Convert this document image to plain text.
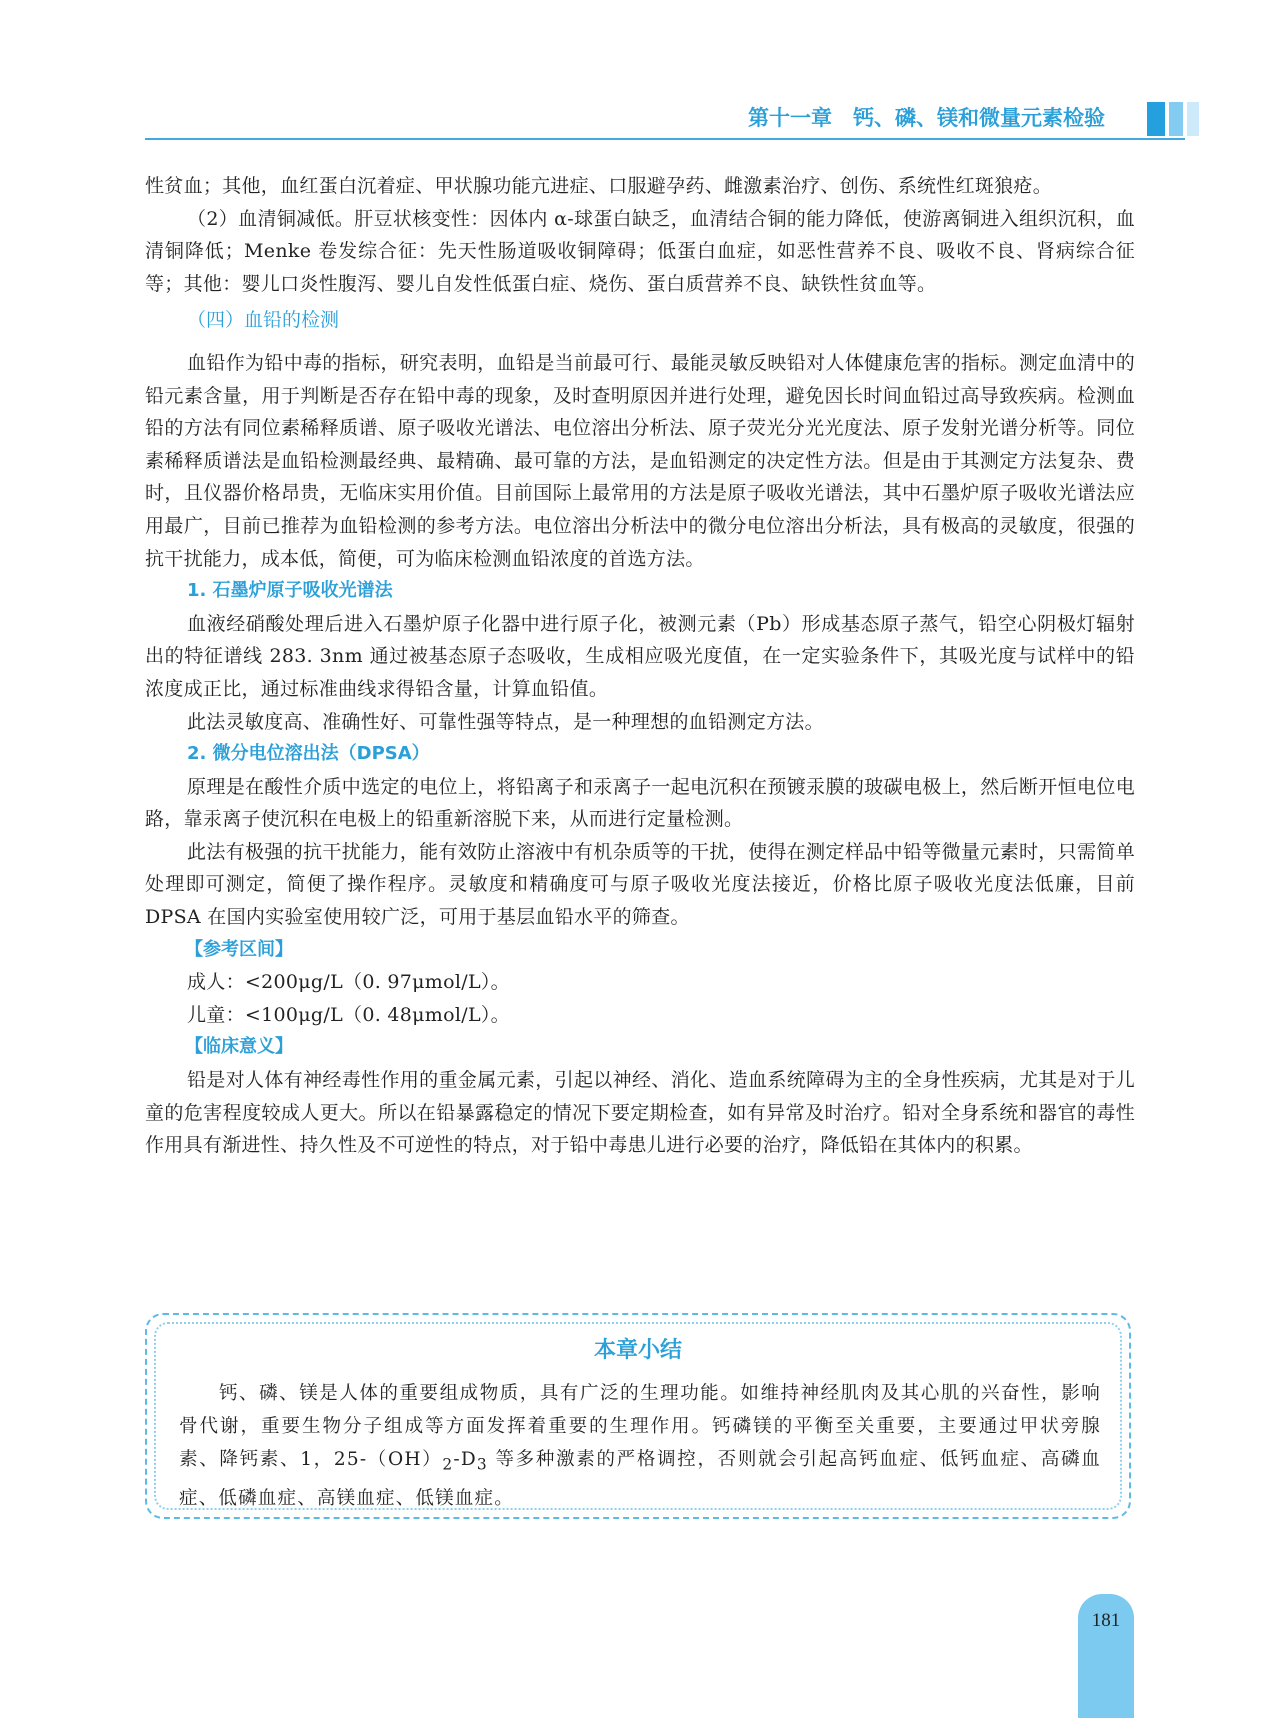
第十一章　钙、磷、镁和微量元素检验

性贫血；其他，血红蛋白沉着症、甲状腺功能亢进症、口服避孕药、雌激素治疗、创伤、系统性红斑狼疮。

（2）血清铜减低。肝豆状核变性：因体内 α-球蛋白缺乏，血清结合铜的能力降低，使游离铜进入组织沉积，血清铜降低；Menke 卷发综合征：先天性肠道吸收铜障碍；低蛋白血症，如恶性营养不良、吸收不良、肾病综合征等；其他：婴儿口炎性腹泻、婴儿自发性低蛋白症、烧伤、蛋白质营养不良、缺铁性贫血等。

（四）血铅的检测

血铅作为铅中毒的指标，研究表明，血铅是当前最可行、最能灵敏反映铅对人体健康危害的指标。测定血清中的铅元素含量，用于判断是否存在铅中毒的现象，及时查明原因并进行处理，避免因长时间血铅过高导致疾病。检测血铅的方法有同位素稀释质谱、原子吸收光谱法、电位溶出分析法、原子荧光分光光度法、原子发射光谱分析等。同位素稀释质谱法是血铅检测最经典、最精确、最可靠的方法，是血铅测定的决定性方法。但是由于其测定方法复杂、费时，且仪器价格昂贵，无临床实用价值。目前国际上最常用的方法是原子吸收光谱法，其中石墨炉原子吸收光谱法应用最广，目前已推荐为血铅检测的参考方法。电位溶出分析法中的微分电位溶出分析法，具有极高的灵敏度，很强的抗干扰能力，成本低，简便，可为临床检测血铅浓度的首选方法。

1. 石墨炉原子吸收光谱法

血液经硝酸处理后进入石墨炉原子化器中进行原子化，被测元素（Pb）形成基态原子蒸气，铅空心阴极灯辐射出的特征谱线 283. 3nm 通过被基态原子态吸收，生成相应吸光度值，在一定实验条件下，其吸光度与试样中的铅浓度成正比，通过标准曲线求得铅含量，计算血铅值。

此法灵敏度高、准确性好、可靠性强等特点，是一种理想的血铅测定方法。

2. 微分电位溶出法（DPSA）

原理是在酸性介质中选定的电位上，将铅离子和汞离子一起电沉积在预镀汞膜的玻碳电极上，然后断开恒电位电路，靠汞离子使沉积在电极上的铅重新溶脱下来，从而进行定量检测。

此法有极强的抗干扰能力，能有效防止溶液中有机杂质等的干扰，使得在测定样品中铅等微量元素时，只需简单处理即可测定，简便了操作程序。灵敏度和精确度可与原子吸收光度法接近，价格比原子吸收光度法低廉，目前 DPSA 在国内实验室使用较广泛，可用于基层血铅水平的筛查。

【参考区间】

成人：<200μg/L（0. 97μmol/L）。

儿童：<100μg/L（0. 48μmol/L）。

【临床意义】

铅是对人体有神经毒性作用的重金属元素，引起以神经、消化、造血系统障碍为主的全身性疾病，尤其是对于儿童的危害程度较成人更大。所以在铅暴露稳定的情况下要定期检查，如有异常及时治疗。铅对全身系统和器官的毒性作用具有渐进性、持久性及不可逆性的特点，对于铅中毒患儿进行必要的治疗，降低铅在其体内的积累。

本章小结

钙、磷、镁是人体的重要组成物质，具有广泛的生理功能。如维持神经肌肉及其心肌的兴奋性，影响骨代谢，重要生物分子组成等方面发挥着重要的生理作用。钙磷镁的平衡至关重要，主要通过甲状旁腺素、降钙素、1，$25-(OH)_2-D_3$ 等多种激素的严格调控，否则就会引起高钙血症、低钙血症、高磷血症、低磷血症、高镁血症、低镁血症。

181
